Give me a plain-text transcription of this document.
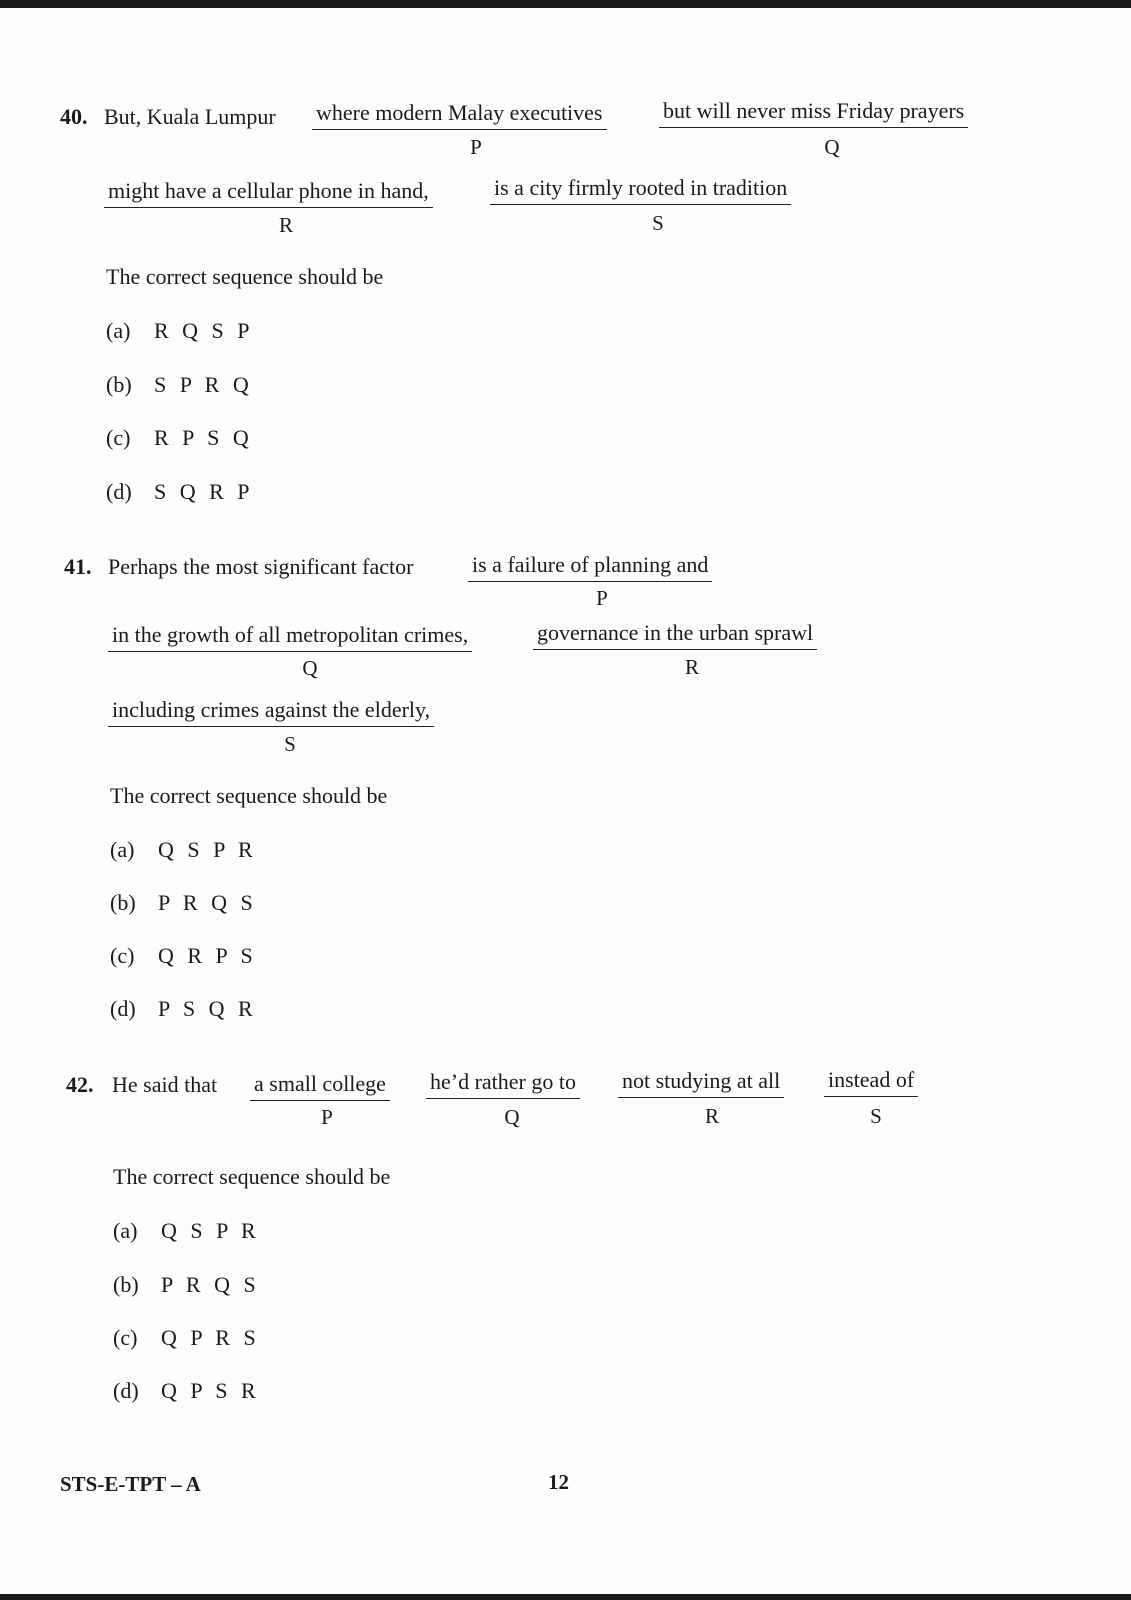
40. But, Kuala Lumpur where modern Malay executives
P
but will never miss Friday prayers
Q
might have a cellular phone in hand,
R
is a city firmly rooted in tradition
S
The correct sequence should be
(a) R Q S P
(b) S P R Q
(c) R P S Q
(d) S Q R P
41. Perhaps the most significant factor	is a failure of planning and
P
in the growth of all metropolitan crimes,
Q
governance in the urban sprawl
R
including crimes against the elderly,
S
The correct sequence should be
(a) Q S P R
(b) P R Q S
(c) Q R P S
(d) P S Q R
42. He said that a small college
P
he’d rather go to
Q
not studying at all
R
instead of
S
The correct sequence should be
(a) Q S P R
(b) P R Q S
(c) Q P R S
(d) Q P S R
STS-E-TPT – A	12
